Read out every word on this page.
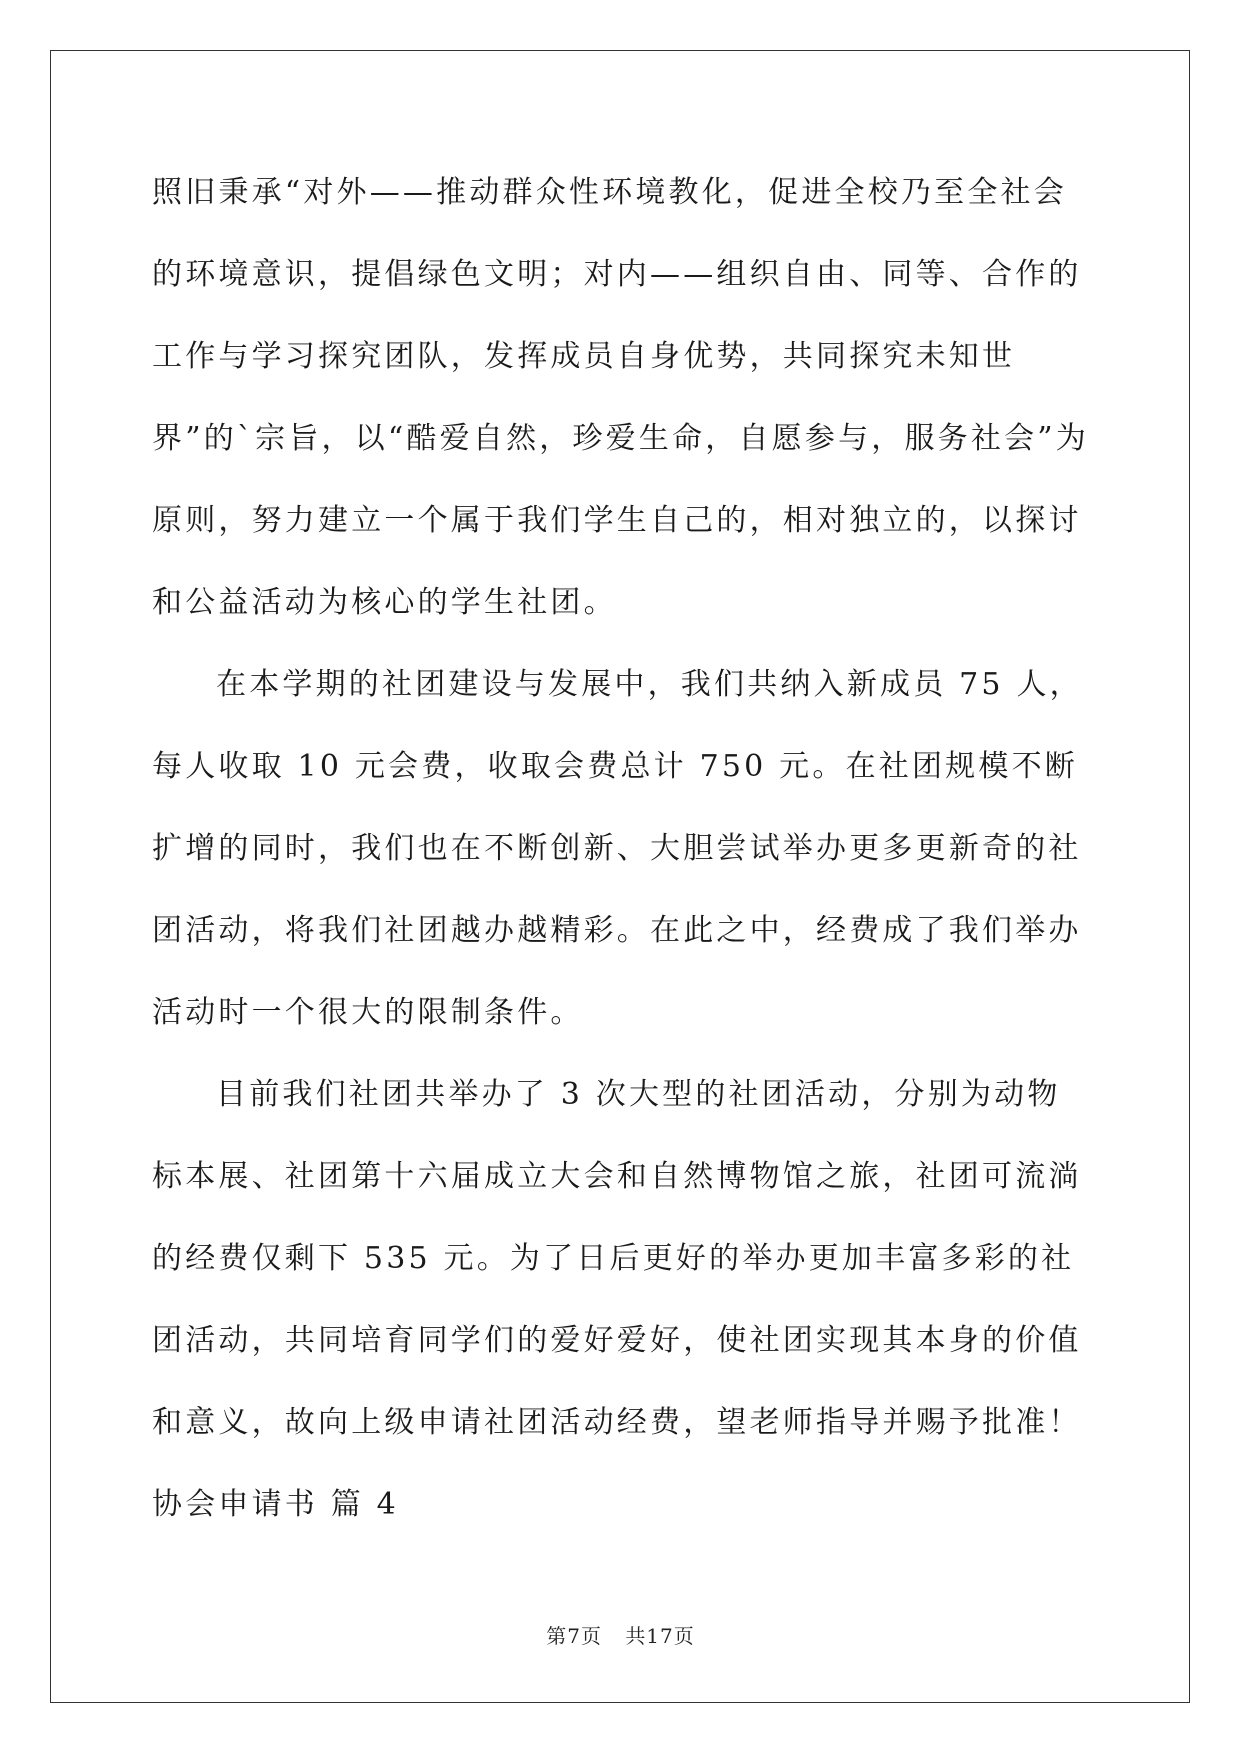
照旧秉承“对外——推动群众性环境教化，促进全校乃至全社会的环境意识，提倡绿色文明；对内——组织自由、同等、合作的工作与学习探究团队，发挥成员自身优势，共同探究未知世界”的`宗旨，以“酷爱自然，珍爱生命，自愿参与，服务社会”为原则，努力建立一个属于我们学生自己的，相对独立的，以探讨和公益活动为核心的学生社团。

在本学期的社团建设与发展中，我们共纳入新成员 75 人，每人收取 10 元会费，收取会费总计 750 元。在社团规模不断扩增的同时，我们也在不断创新、大胆尝试举办更多更新奇的社团活动，将我们社团越办越精彩。在此之中，经费成了我们举办活动时一个很大的限制条件。

目前我们社团共举办了 3 次大型的社团活动，分别为动物标本展、社团第十六届成立大会和自然博物馆之旅，社团可流淌的经费仅剩下 535 元。为了日后更好的举办更加丰富多彩的社团活动，共同培育同学们的爱好爱好，使社团实现其本身的价值和意义，故向上级申请社团活动经费，望老师指导并赐予批准！

协会申请书 篇 4

第7页 共17页
